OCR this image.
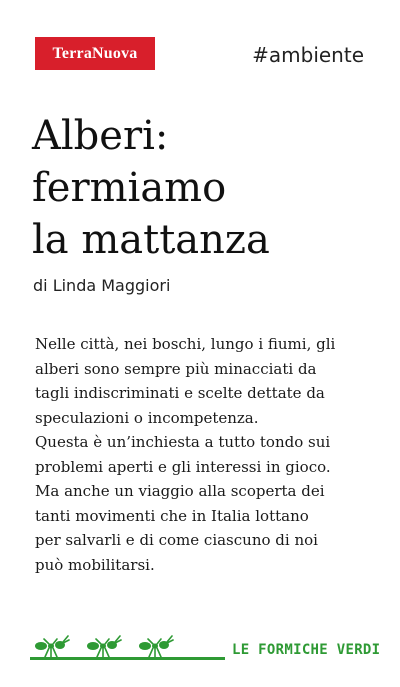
TerraNuova	#ambiente
Alberi:
fermiamo
la mattanza
di Linda Maggiori
Nelle città, nei boschi, lungo i fiumi, gli
alberi sono sempre più minacciati da
tagli indiscriminati e scelte dettate da
speculazioni o incompetenza.
Questa è un’inchiesta a tutto tondo sui
problemi aperti e gli interessi in gioco.
Ma anche un viaggio alla scoperta dei
tanti movimenti che in Italia lottano
per salvarli e di come ciascuno di noi
può mobilitarsi.
LE FORMICHE VERDI
